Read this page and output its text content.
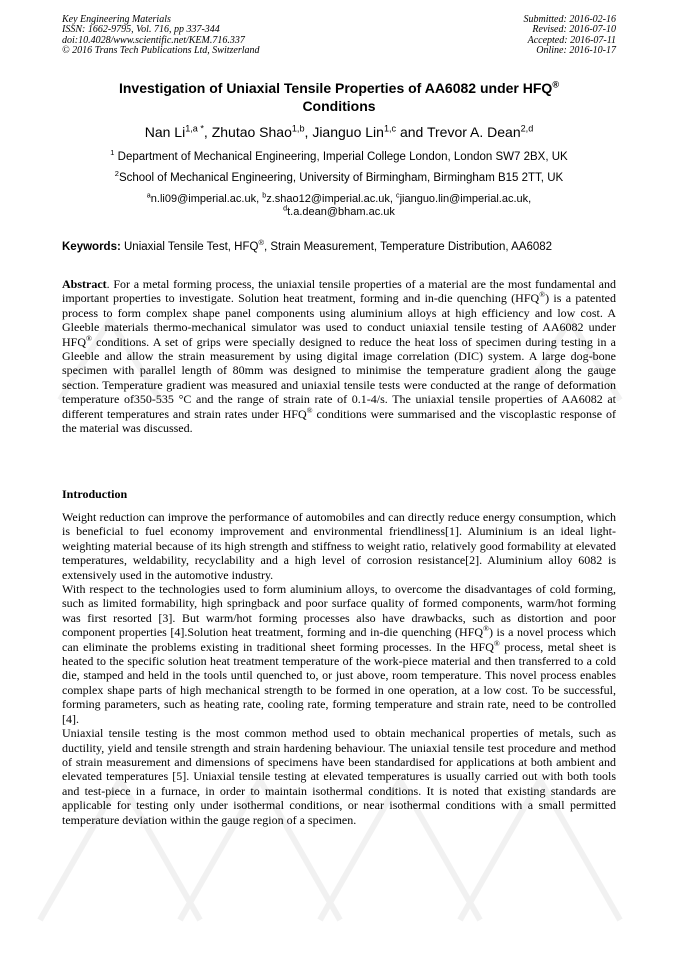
Key Engineering Materials
ISSN: 1662-9795, Vol. 716, pp 337-344
doi:10.4028/www.scientific.net/KEM.716.337
© 2016 Trans Tech Publications Ltd, Switzerland
Submitted: 2016-02-16
Revised: 2016-07-10
Accepted: 2016-07-11
Online: 2016-10-17
Investigation of Uniaxial Tensile Properties of AA6082 under HFQ®
Conditions
Nan $Li^{1,a *}$, Zhutao Shao$^{1,b}$, Jianguo Lin$^{1,c}$ and Trevor A. Dean$^{2,d}$
$^1$ Department of Mechanical Engineering, Imperial College London, London SW7 2BX, UK
$^2$School of Mechanical Engineering, University of Birmingham, Birmingham B15 2TT, UK
$^a$n.li09@imperial.ac.uk, $^b$z.shao12@imperial.ac.uk, $^c$jianguo.lin@imperial.ac.uk,
$^d$t.a.dean@bham.ac.uk
Keywords: Uniaxial Tensile Test, HFQ®, Strain Measurement, Temperature Distribution, AA6082

Abstract. For a metal forming process, the uniaxial tensile properties of a material are the most fundamental and important properties to investigate. Solution heat treatment, forming and in-die quenching (HFQ®) is a patented process to form complex shape panel components using aluminium alloys at high efficiency and low cost. A Gleeble materials thermo-mechanical simulator was used to conduct uniaxial tensile testing of AA6082 under HFQ® conditions. A set of grips were specially designed to reduce the heat loss of specimen during testing in a Gleeble and allow the strain measurement by using digital image correlation (DIC) system. A large dog-bone specimen with parallel length of 80mm was designed to minimise the temperature gradient along the gauge section. Temperature gradient was measured and uniaxial tensile tests were conducted at the range of deformation temperature of350-535 °C and the range of strain rate of 0.1-4/s. The uniaxial tensile properties of AA6082 at different temperatures and strain rates under HFQ® conditions were summarised and the viscoplastic response of the material was discussed.

Introduction

Weight reduction can improve the performance of automobiles and can directly reduce energy consumption, which is beneficial to fuel economy improvement and environmental friendliness[1]. Aluminium is an ideal light-weighting material because of its high strength and stiffness to weight ratio, relatively good formability at elevated temperatures, weldability, recyclability and a high level of corrosion resistance[2]. Aluminium alloy 6082 is extensively used in the automotive industry.

With respect to the technologies used to form aluminium alloys, to overcome the disadvantages of cold forming, such as limited formability, high springback and poor surface quality of formed components, warm/hot forming was first resorted [3]. But warm/hot forming processes also have drawbacks, such as distortion and poor component properties [4].Solution heat treatment, forming and in-die quenching (HFQ®) is a novel process which can eliminate the problems existing in traditional sheet forming processes. In the HFQ® process, metal sheet is heated to the specific solution heat treatment temperature of the work-piece material and then transferred to a cold die, stamped and held in the tools until quenched to, or just above, room temperature. This novel process enables complex shape parts of high mechanical strength to be formed in one operation, at a low cost. To be successful, forming parameters, such as heating rate, cooling rate, forming temperature and strain rate, need to be controlled [4].

Uniaxial tensile testing is the most common method used to obtain mechanical properties of metals, such as ductility, yield and tensile strength and strain hardening behaviour. The uniaxial tensile test procedure and method of strain measurement and dimensions of specimens have been standardised for applications at both ambient and elevated temperatures [5]. Uniaxial tensile testing at elevated temperatures is usually carried out with both tools and test-piece in a furnace, in order to maintain isothermal conditions. It is noted that existing standards are applicable for testing only under isothermal conditions, or near isothermal conditions with a small permitted temperature deviation within the gauge region of a specimen.
